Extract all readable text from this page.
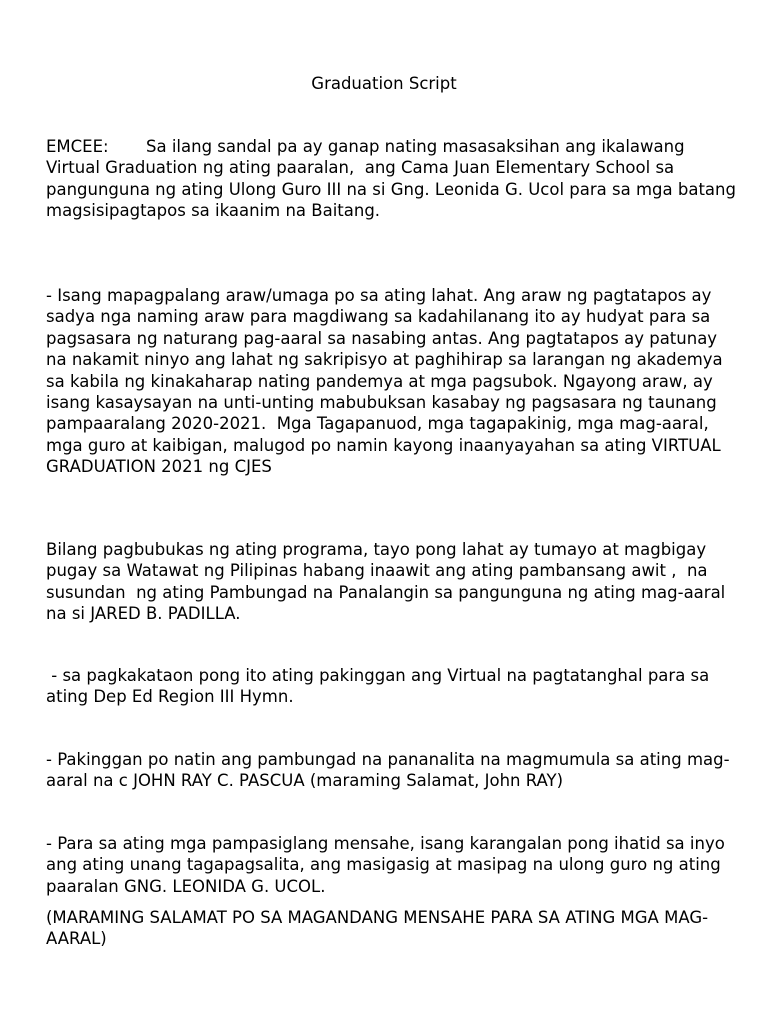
Graduation Script

EMCEE: Sa ilang sandal pa ay ganap nating masasaksihan ang ikalawang Virtual Graduation ng ating paaralan,  ang Cama Juan Elementary School sa pangunguna ng ating Ulong Guro III na si Gng. Leonida G. Ucol para sa mga batang magsisipagtapos sa ikaanim na Baitang.

- Isang mapagpalang araw/umaga po sa ating lahat. Ang araw ng pagtatapos ay sadya nga naming araw para magdiwang sa kadahilanang ito ay hudyat para sa pagsasara ng naturang pag-aaral sa nasabing antas. Ang pagtatapos ay patunay na nakamit ninyo ang lahat ng sakripisyo at paghihirap sa larangan ng akademya sa kabila ng kinakaharap nating pandemya at mga pagsubok. Ngayong araw, ay isang kasaysayan na unti-unting mabubuksan kasabay ng pagsasara ng taunang pampaaralang 2020-2021.  Mga Tagapanuod, mga tagapakinig, mga mag-aaral, mga guro at kaibigan, malugod po namin kayong inaanyayahan sa ating VIRTUAL GRADUATION 2021 ng CJES

Bilang pagbubukas ng ating programa, tayo pong lahat ay tumayo at magbigay pugay sa Watawat ng Pilipinas habang inaawit ang ating pambansang awit ,  na susundan  ng ating Pambungad na Panalangin sa pangunguna ng ating mag-aaral na si JARED B. PADILLA.

- sa pagkakataon pong ito ating pakinggan ang Virtual na pagtatanghal para sa ating Dep Ed Region III Hymn.

- Pakinggan po natin ang pambungad na pananalita na magmumula sa ating mag-aaral na c JOHN RAY C. PASCUA (maraming Salamat, John RAY)

- Para sa ating mga pampasiglang mensahe, isang karangalan pong ihatid sa inyo ang ating unang tagapagsalita, ang masigasig at masipag na ulong guro ng ating paaralan GNG. LEONIDA G. UCOL.

(MARAMING SALAMAT PO SA MAGANDANG MENSAHE PARA SA ATING MGA MAG-AARAL)
